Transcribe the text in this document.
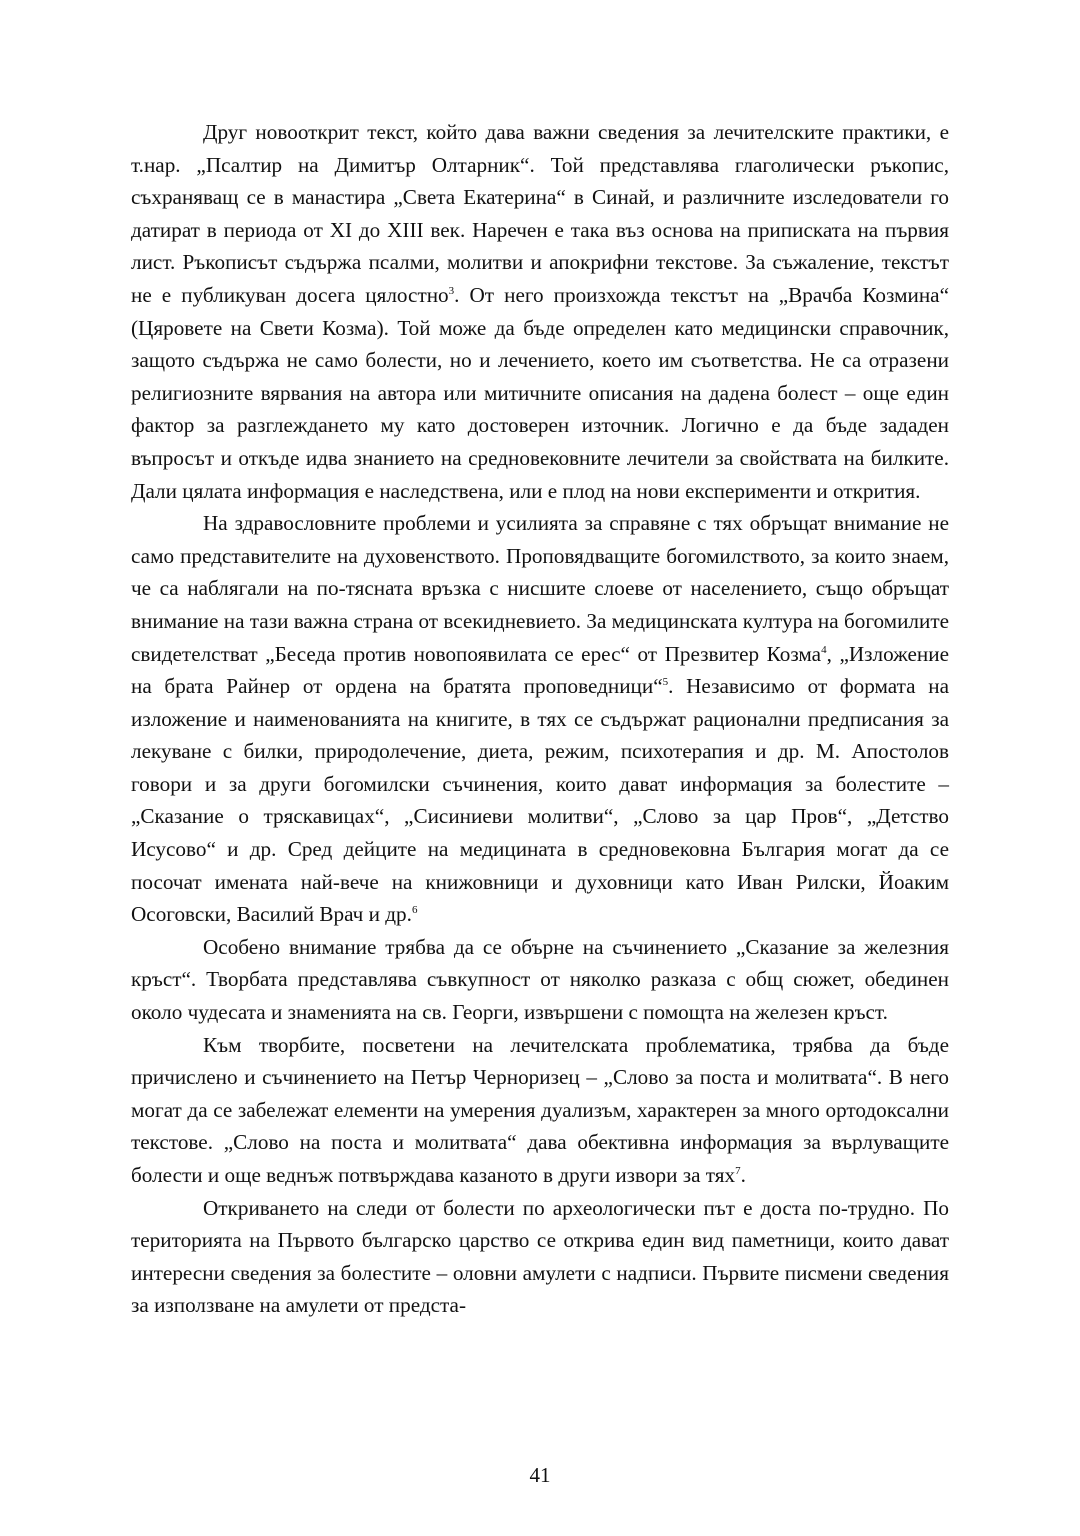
Друг новооткрит текст, който дава важни сведения за лечителските практики, е т.нар. „Псалтир на Димитър Олтарник“. Той представлява глаголически ръкопис, съхраняващ се в манастира „Света Екатерина“ в Синай, и различните изследователи го датират в периода от XI до XIII век. Наречен е така въз основа на приписката на първия лист. Ръкописът съдържа псалми, молитви и апокрифни текстове. За съжаление, текстът не е публикуван досега цялостно$^3$. От него произхожда текстът на „Врачба Козмина“ (Цяровете на Свети Козма). Той може да бъде определен като медицински справочник, защото съдържа не само болести, но и лечението, което им съответства. Не са отразени религиозните вярвания на автора или митичните описания на дадена болест – още един фактор за разглеждането му като достоверен източник. Логично е да бъде зададен въпросът и откъде идва знанието на средновековните лечители за свойствата на билките. Дали цялата информация е наследствена, или е плод на нови експерименти и открития.

На здравословните проблеми и усилията за справяне с тях обръщат внимание не само представителите на духовенството. Проповядващите богомилството, за които знаем, че са наблягали на по-тясната връзка с нисшите слоеве от населението, също обръщат внимание на тази важна страна от всекидневието. За медицинската култура на богомилите свидетелстват „Беседа против новопоявилата се ерес“ от Презвитер Козма$^4$, „Изложение на брата Райнер от ордена на братята проповедници“$^5$. Независимо от формата на изложение и наименованията на книгите, в тях се съдържат рационални предписания за лекуване с билки, природолечение, диета, режим, психотерапия и др. М. Апостолов говори и за други богомилски съчинения, които дават информация за болестите – „Сказание о тряскавицах“, „Сисиниеви молитви“, „Слово за цар Пров“, „Детство Исусово“ и др. Сред дейците на медицината в средновековна България могат да се посочат имената най-вече на книжовници и духовници като Иван Рилски, Йоаким Осоговски, Василий Врач и др.$^6$

Особено внимание трябва да се обърне на съчинението „Сказание за железния кръст“. Творбата представлява съвкупност от няколко разказа с общ сюжет, обединен около чудесата и знаменията на св. Георги, извършени с помощта на железен кръст.

Към творбите, посветени на лечителската проблематика, трябва да бъде причислено и съчинението на Петър Черноризец – „Слово за поста и молитвата“. В него могат да се забележат елементи на умерения дуализъм, характерен за много ортодоксални текстове. „Слово на поста и молитвата“ дава обективна информация за върлуващите болести и още веднъж потвърждава казаното в други извори за тях$^7$.

Откриването на следи от болести по археологически път е доста по-трудно. По територията на Първото българско царство се открива един вид паметници, които дават интересни сведения за болестите – оловни амулети с надписи. Първите писмени сведения за използване на амулети от предста-

41
